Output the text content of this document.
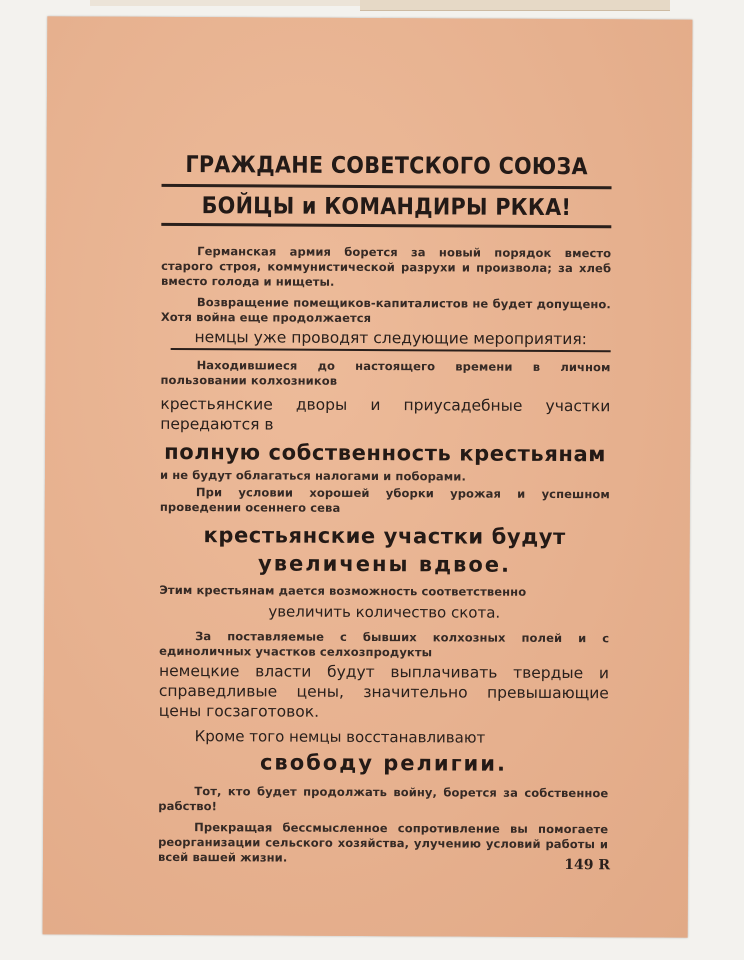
ГРАЖДАНЕ СОВЕТСКОГО СОЮЗА
БОЙЦЫ и КОМАНДИРЫ РККА!

Германская армия борется за новый порядок вместо старого строя, коммунистической разрухи и произвола; за хлеб вместо голода и нищеты.

Возвращение помещиков-капиталистов не будет допущено. Хотя война еще продолжается

немцы уже проводят следующие мероприятия:

Находившиеся до настоящего времени в личном пользовании колхозников

крестьянские дворы и приусадебные участки передаются в

полную собственность крестьянам

и не будут облагаться налогами и поборами.

При условии хорошей уборки урожая и успешном проведении осеннего сева

крестьянские участки будут

увеличены вдвое.

Этим крестьянам дается возможность соответственно

увеличить количество скота.

За поставляемые с бывших колхозных полей и с единоличных участков селхозпродукты

немецкие власти будут выплачивать твердые и справедливые цены, значительно превышающие цены госзаготовок.

Кроме того немцы восстанавливают

свободу религии.

Тот, кто будет продолжать войну, борется за собственное рабство!

Прекращая бессмысленное сопротивление вы помогаете реорганизации сельского хозяйства, улучению условий работы и всей вашей жизни.	149 R
